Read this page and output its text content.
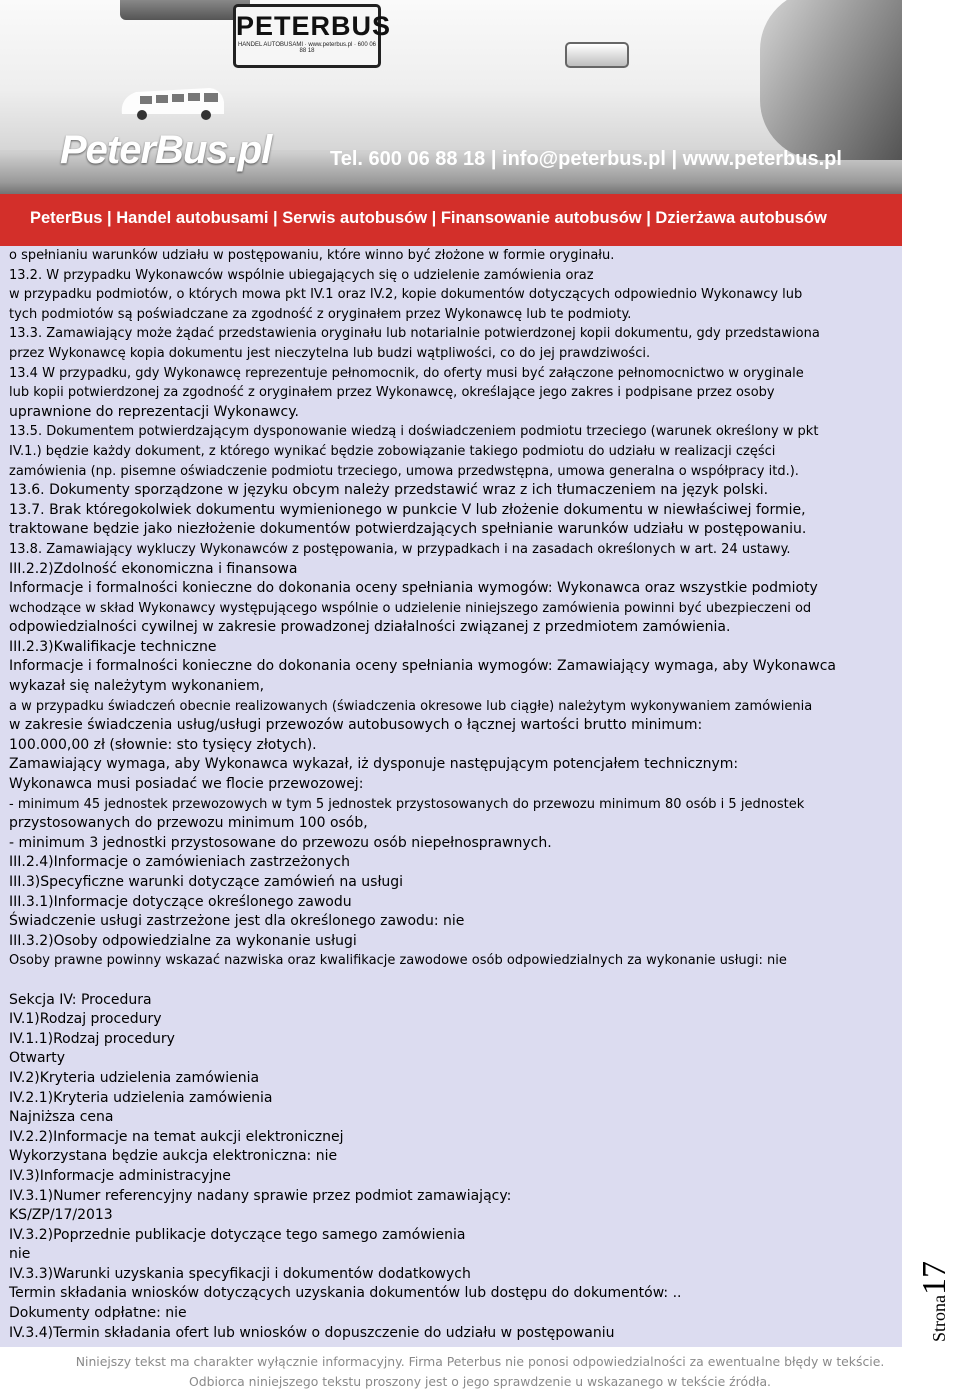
PETERBUS
HANDEL AUTOBUSAMI · www.peterbus.pl · 600 06 88 18
PeterBus.pl	Tel. 600 06 88 18 | info@peterbus.pl | www.peterbus.pl
PeterBus | Handel autobusami | Serwis autobusów | Finansowanie autobusów | Dzierżawa autobusów

o spełnianiu warunków udziału w postępowaniu, które winno być złożone w formie oryginału.

13.2. W przypadku Wykonawców wspólnie ubiegających się o udzielenie zamówienia oraz

w przypadku podmiotów, o których mowa pkt IV.1 oraz IV.2, kopie dokumentów dotyczących odpowiednio Wykonawcy lub

tych podmiotów są poświadczane za zgodność z oryginałem przez Wykonawcę lub te podmioty.

13.3. Zamawiający może żądać przedstawienia oryginału lub notarialnie potwierdzonej kopii dokumentu, gdy przedstawiona

przez Wykonawcę kopia dokumentu jest nieczytelna lub budzi wątpliwości, co do jej prawdziwości.

13.4 W przypadku, gdy Wykonawcę reprezentuje pełnomocnik, do oferty musi być załączone pełnomocnictwo w oryginale

lub kopii potwierdzonej za zgodność z oryginałem przez Wykonawcę, określające jego zakres i podpisane przez osoby

uprawnione do reprezentacji Wykonawcy.

13.5. Dokumentem potwierdzającym dysponowanie wiedzą i doświadczeniem podmiotu trzeciego (warunek określony w pkt

IV.1.) będzie każdy dokument, z którego wynikać będzie zobowiązanie takiego podmiotu do udziału w realizacji części

zamówienia (np. pisemne oświadczenie podmiotu trzeciego, umowa przedwstępna, umowa generalna o współpracy itd.).

13.6. Dokumenty sporządzone w języku obcym należy przedstawić wraz z ich tłumaczeniem na język polski.

13.7. Brak któregokolwiek dokumentu wymienionego w punkcie V lub złożenie dokumentu w niewłaściwej formie,

traktowane będzie jako niezłożenie dokumentów potwierdzających spełnianie warunków udziału w postępowaniu.

13.8. Zamawiający wykluczy Wykonawców z postępowania, w przypadkach i na zasadach określonych w art. 24 ustawy.

III.2.2)Zdolność ekonomiczna i finansowa

Informacje i formalności konieczne do dokonania oceny spełniania wymogów: Wykonawca oraz wszystkie podmioty

wchodzące w skład Wykonawcy występującego wspólnie o udzielenie niniejszego zamówienia powinni być ubezpieczeni od

odpowiedzialności cywilnej w zakresie prowadzonej działalności związanej z przedmiotem zamówienia.

III.2.3)Kwalifikacje techniczne

Informacje i formalności konieczne do dokonania oceny spełniania wymogów: Zamawiający wymaga, aby Wykonawca

wykazał się należytym wykonaniem,

a w przypadku świadczeń obecnie realizowanych (świadczenia okresowe lub ciągłe) należytym wykonywaniem zamówienia

w zakresie świadczenia usług/usługi przewozów autobusowych o łącznej wartości brutto minimum:

100.000,00 zł (słownie: sto tysięcy złotych).

Zamawiający wymaga, aby Wykonawca wykazał, iż dysponuje następującym potencjałem technicznym:

Wykonawca musi posiadać we flocie przewozowej:

- minimum 45 jednostek przewozowych w tym 5 jednostek przystosowanych do przewozu minimum 80 osób i 5 jednostek

przystosowanych do przewozu minimum 100 osób,

- minimum 3 jednostki przystosowane do przewozu osób niepełnosprawnych.

III.2.4)Informacje o zamówieniach zastrzeżonych

III.3)Specyficzne warunki dotyczące zamówień na usługi

III.3.1)Informacje dotyczące określonego zawodu

Świadczenie usługi zastrzeżone jest dla określonego zawodu: nie

III.3.2)Osoby odpowiedzialne za wykonanie usługi

Osoby prawne powinny wskazać nazwiska oraz kwalifikacje zawodowe osób odpowiedzialnych za wykonanie usługi: nie

Sekcja IV: Procedura

IV.1)Rodzaj procedury

IV.1.1)Rodzaj procedury

Otwarty

IV.2)Kryteria udzielenia zamówienia

IV.2.1)Kryteria udzielenia zamówienia

Najniższa cena

IV.2.2)Informacje na temat aukcji elektronicznej

Wykorzystana będzie aukcja elektroniczna: nie

IV.3)Informacje administracyjne

IV.3.1)Numer referencyjny nadany sprawie przez podmiot zamawiający:

KS/ZP/17/2013

IV.3.2)Poprzednie publikacje dotyczące tego samego zamówienia

nie

IV.3.3)Warunki uzyskania specyfikacji i dokumentów dodatkowych

Termin składania wniosków dotyczących uzyskania dokumentów lub dostępu do dokumentów: ..

Dokumenty odpłatne: nie

IV.3.4)Termin składania ofert lub wniosków o dopuszczenie do udziału w postępowaniu	Strona17
Niniejszy tekst ma charakter wyłącznie informacyjny. Firma Peterbus nie ponosi odpowiedzialności za ewentualne błędy w tekście.
Odbiorca niniejszego tekstu proszony jest o jego sprawdzenie u wskazanego w tekście źródła.
